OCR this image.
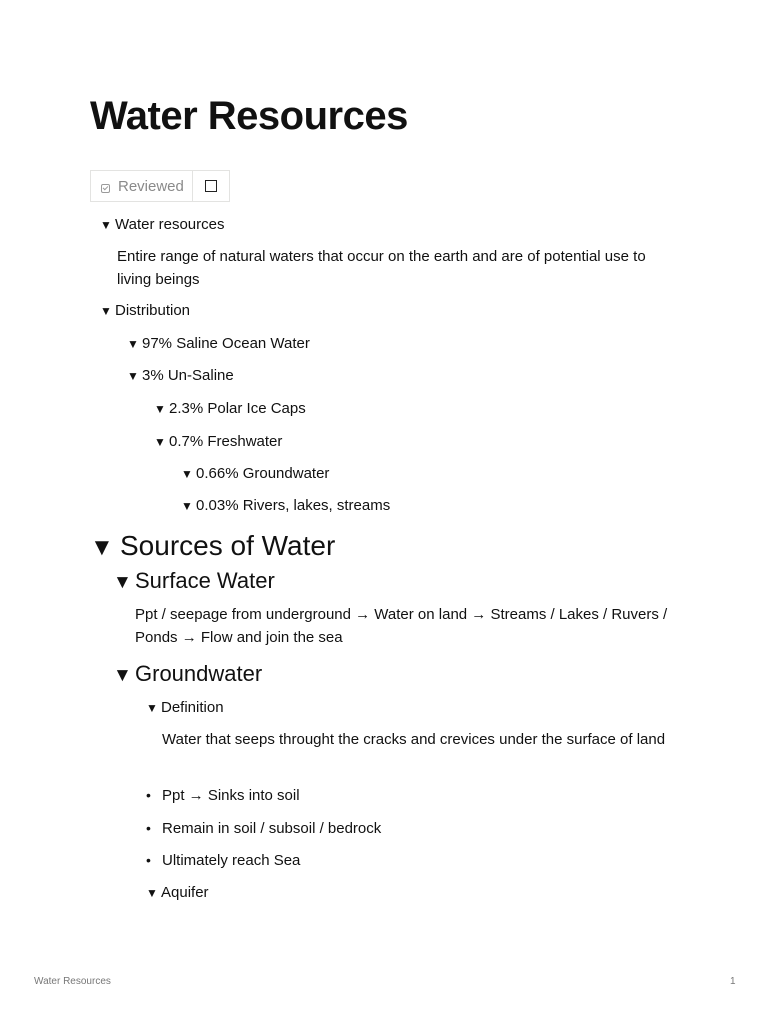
Water Resources
Reviewed
▼ Water resources
Entire range of natural waters that occur on the earth and are of potential use to living beings
▼ Distribution
▼ 97% Saline Ocean Water
▼ 3% Un-Saline
▼ 2.3% Polar Ice Caps
▼ 0.7% Freshwater
▼ 0.66% Groundwater
▼ 0.03% Rivers, lakes, streams
▼ Sources of Water
▼ Surface Water
Ppt / seepage from underground → Water on land → Streams / Lakes / Ruvers / Ponds → Flow and join the sea
▼ Groundwater
▼ Definition
Water that seeps throught the cracks and crevices under the surface of land
• Ppt → Sinks into soil
• Remain in soil / subsoil / bedrock
• Ultimately reach Sea
▼ Aquifer
Water Resources	1
